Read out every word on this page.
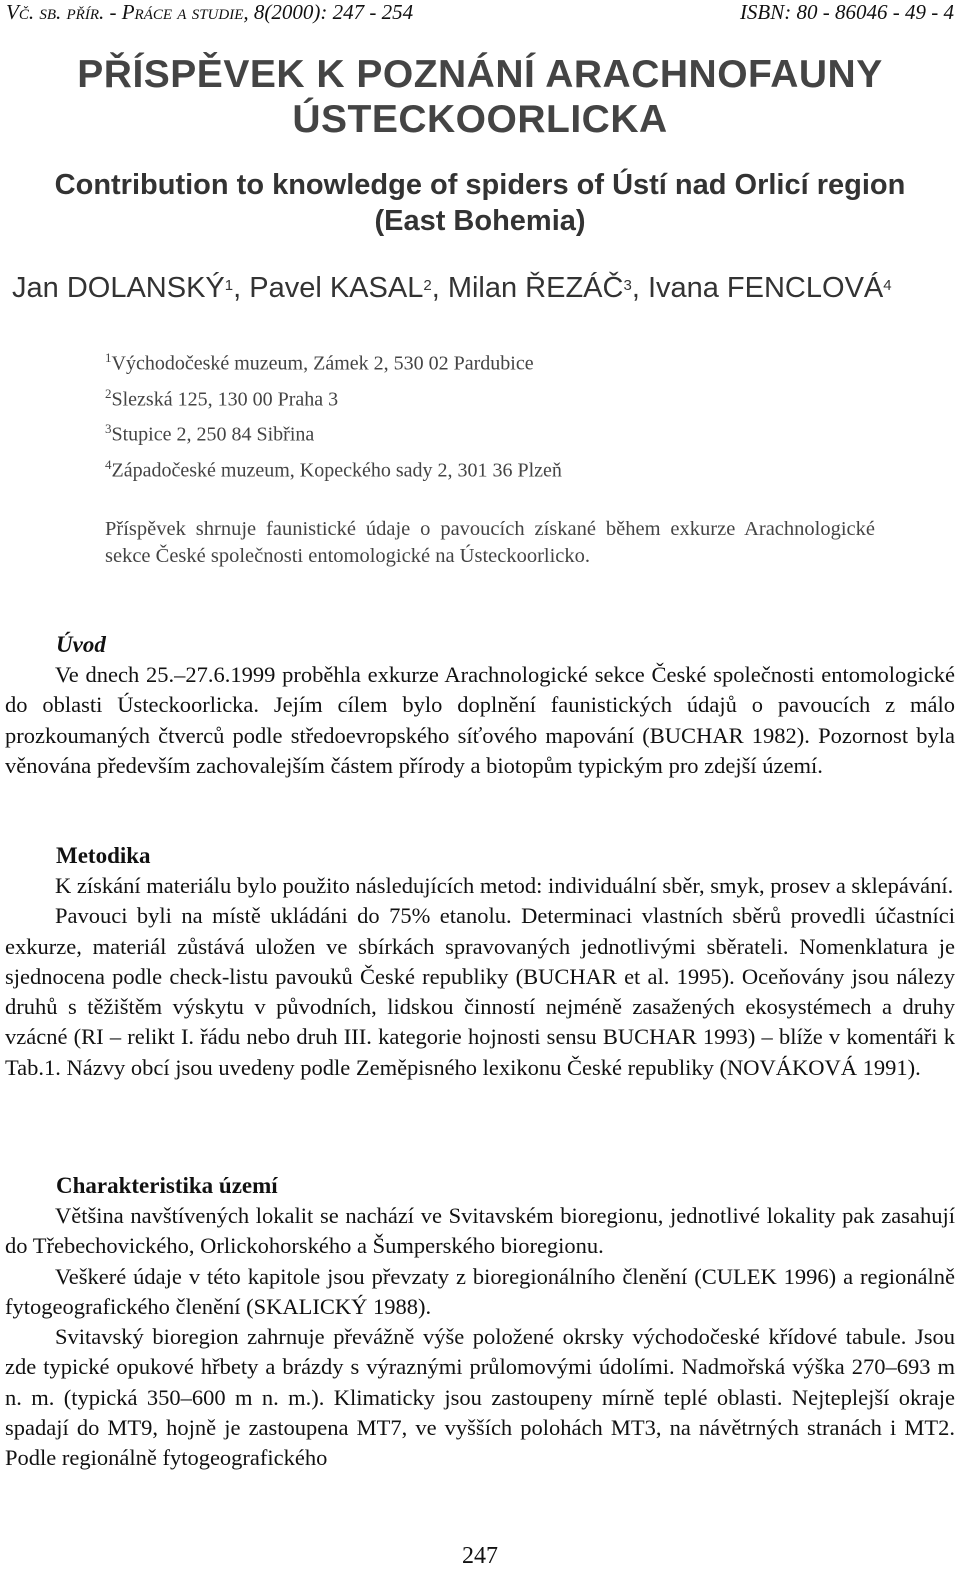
Vč. sb. přír. - Práce a studie, 8(2000): 247 - 254	ISBN: 80 - 86046 - 49 - 4
PŘÍSPĚVEK K POZNÁNÍ ARACHNOFAUNY
ÚSTECKOORLICKA
Contribution to knowledge of spiders of Ústí nad Orlicí region
(East Bohemia)
Jan DOLANSKÝ$^1$, Pavel KASAL$^2$, Milan ŘEZÁČ$^3$, Ivana FENCLOVÁ$^4$
$^1$Východočeské muzeum, Zámek 2, 530 02 Pardubice
$^2$Slezská 125, 130 00 Praha 3
$^3$Stupice 2, 250 84 Sibřina
$^4$Západočeské muzeum, Kopeckého sady 2, 301 36 Plzeň
Příspěvek shrnuje faunistické údaje o pavoucích získané během exkurze Arachnologické sekce České společnosti entomologické na Ústeckoorlicko.
Úvod

Ve dnech 25.–27.6.1999 proběhla exkurze Arachnologické sekce České společnosti entomologické do oblasti Ústeckoorlicka. Jejím cílem bylo doplnění faunistických údajů o pavoucích z málo prozkoumaných čtverců podle středoevropského síťového mapování (BUCHAR 1982). Pozornost byla věnována především zachovalejším částem přírody a biotopům typickým pro zdejší území.

Metodika

K získání materiálu bylo použito následujících metod: individuální sběr, smyk, prosev a sklepávání.

Pavouci byli na místě ukládáni do 75% etanolu. Determinaci vlastních sběrů provedli účastníci exkurze, materiál zůstává uložen ve sbírkách spravovaných jednotlivými sběrateli. Nomenklatura je sjednocena podle check-listu pavouků České republiky (BUCHAR et al. 1995). Oceňovány jsou nálezy druhů s těžištěm výskytu v původních, lidskou činností nejméně zasažených ekosystémech a druhy vzácné (RI – relikt I. řádu nebo druh III. kategorie hojnosti sensu BUCHAR 1993) – blíže v komentáři k Tab.1. Názvy obcí jsou uvedeny podle Zeměpisného lexikonu České republiky (NOVÁKOVÁ 1991).

Charakteristika území

Většina navštívených lokalit se nachází ve Svitavském bioregionu, jednotlivé lokality pak zasahují do Třebechovického, Orlickohorského a Šumperského bioregionu.

Veškeré údaje v této kapitole jsou převzaty z bioregionálního členění (CULEK 1996) a regionálně fytogeografického členění (SKALICKÝ 1988).

Svitavský bioregion zahrnuje převážně výše položené okrsky východočeské křídové tabule. Jsou zde typické opukové hřbety a brázdy s výraznými průlomovými údolími. Nadmořská výška 270–693 m n. m. (typická 350–600 m n. m.). Klimaticky jsou zastoupeny mírně teplé oblasti. Nejteplejší okraje spadají do MT9, hojně je zastoupena MT7, ve vyšších polohách MT3, na návětrných stranách i MT2. Podle regionálně fytogeografického

247
